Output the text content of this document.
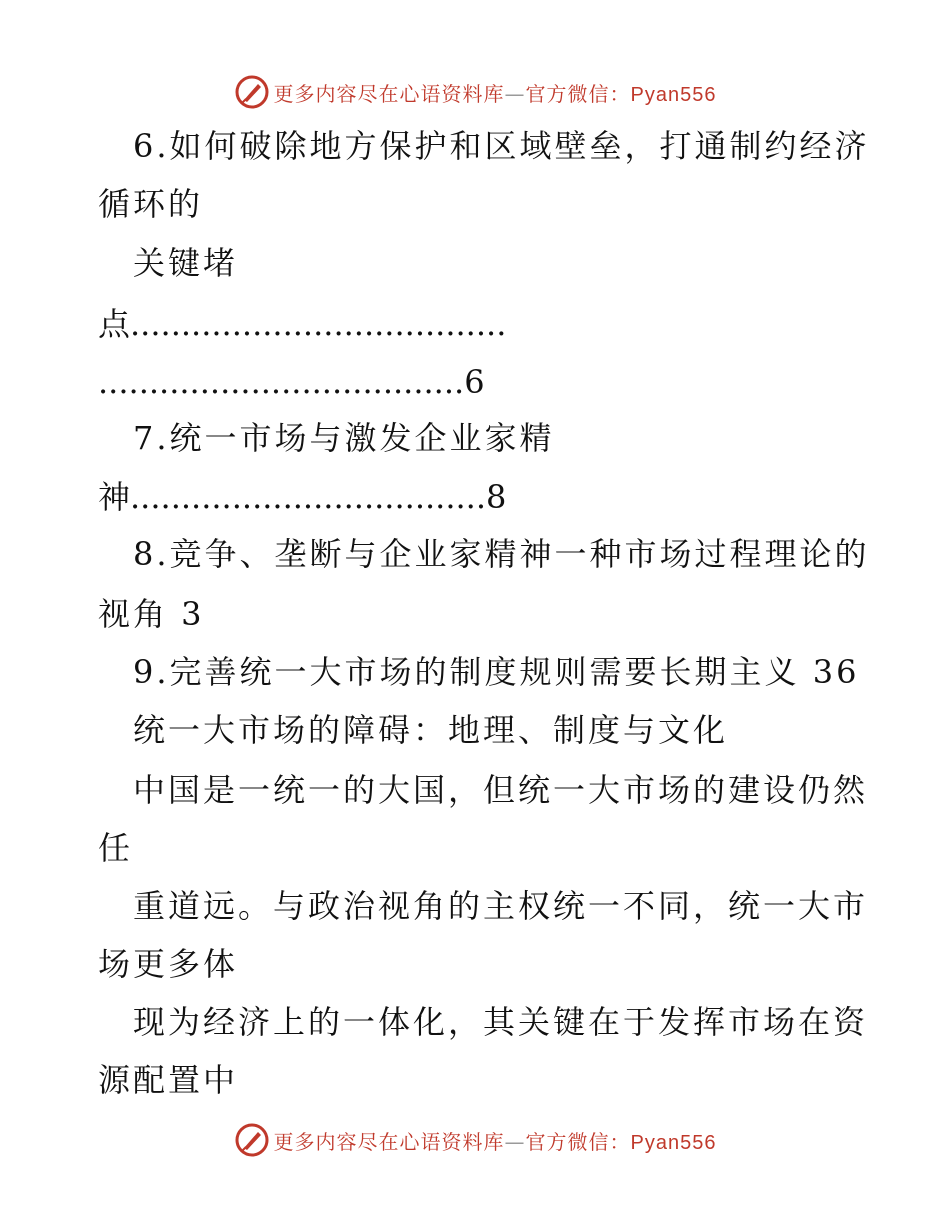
更多内容尽在心语资料库—官方微信：Pyan556
6.如何破除地方保护和区域壁垒，打通制约经济
循环的
关键堵
点.....................................
....................................6
7.统一市场与激发企业家精
神...................................8
8.竞争、垄断与企业家精神一种市场过程理论的
视角 3
9.完善统一大市场的制度规则需要长期主义 36
统一大市场的障碍：地理、制度与文化
中国是一统一的大国，但统一大市场的建设仍然
任
重道远。与政治视角的主权统一不同，统一大市
场更多体
现为经济上的一体化，其关键在于发挥市场在资
源配置中
更多内容尽在心语资料库—官方微信：Pyan556
